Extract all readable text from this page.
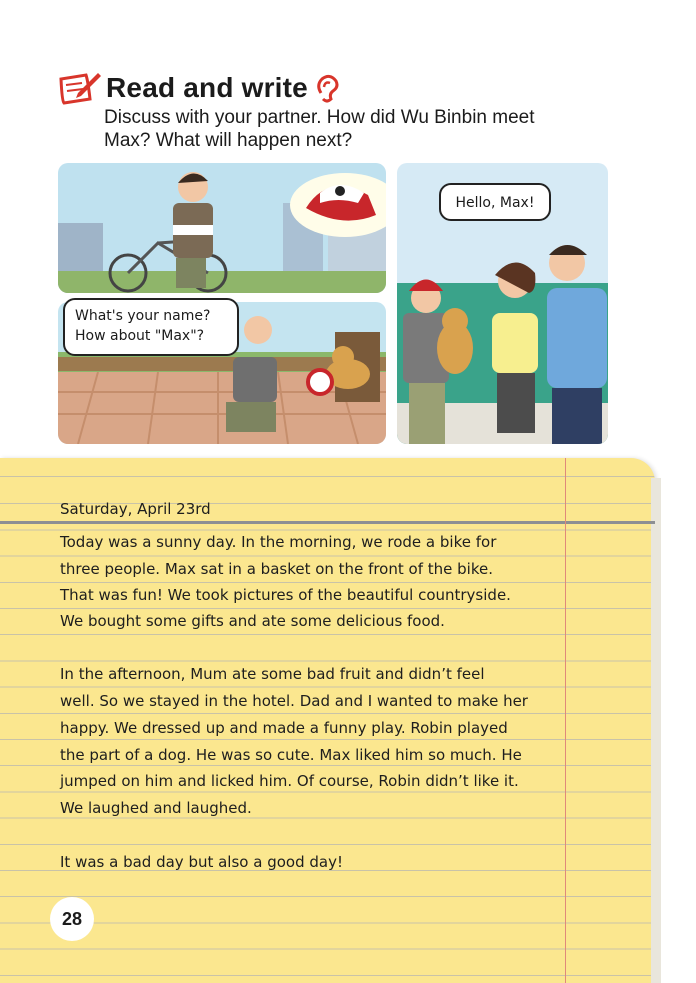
Read and write
Discuss with your partner. How did Wu Binbin meet
Max? What will happen next?
What's your name?
How about "Max"?
Hello, Max!
Saturday, April 23rd
Today was a sunny day. In the morning, we rode a bike for
three people. Max sat in a basket on the front of the bike.
That was fun! We took pictures of the beautiful countryside.
We bought some gifts and ate some delicious food.
In the afternoon, Mum ate some bad fruit and didn’t feel
well. So we stayed in the hotel. Dad and I wanted to make her
happy. We dressed up and made a funny play. Robin played
the part of a dog. He was so cute. Max liked him so much. He
jumped on him and licked him. Of course, Robin didn’t like it.
We laughed and laughed.
It was a bad day but also a good day!
28
